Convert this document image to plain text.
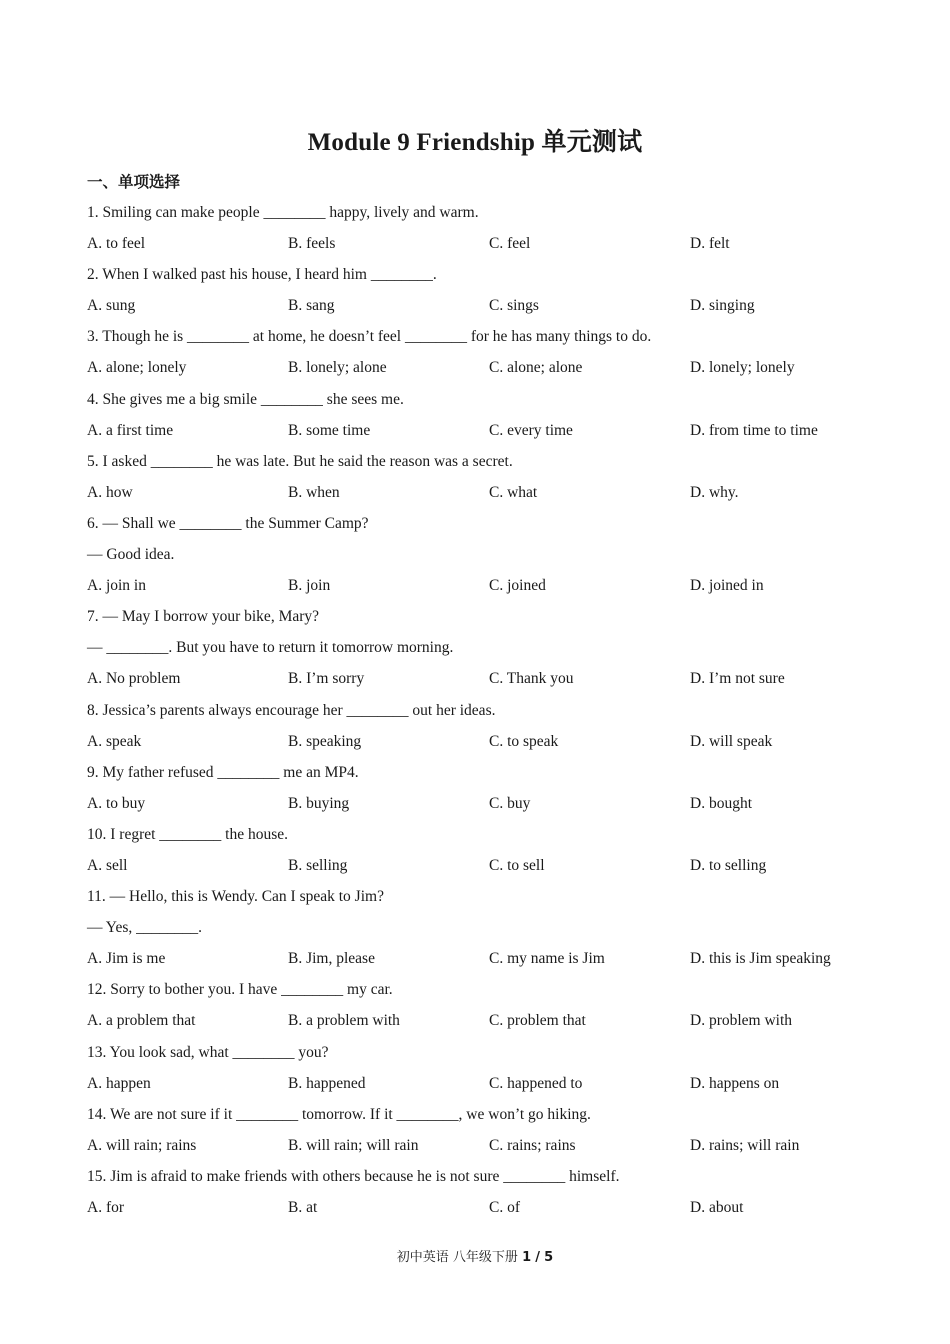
Module 9 Friendship 单元测试
一、单项选择
1. Smiling can make people ________ happy, lively and warm.
A. to feel	B. feels	C. feel	D. felt
2. When I walked past his house, I heard him ________.
A. sung	B. sang	C. sings	D. singing
3. Though he is ________ at home, he doesn’t feel ________ for he has many things to do.
A. alone; lonely	B. lonely; alone	C. alone; alone	D. lonely; lonely
4. She gives me a big smile ________ she sees me.
A. a first time	B. some time	C. every time	D. from time to time
5. I asked ________ he was late. But he said the reason was a secret.
A. how	B. when	C. what	D. why.
6. — Shall we ________ the Summer Camp?
— Good idea.
A. join in	B. join	C. joined	D. joined in
7. — May I borrow your bike, Mary?
— ________. But you have to return it tomorrow morning.
A. No problem	B. I’m sorry	C. Thank you	D. I’m not sure
8. Jessica’s parents always encourage her ________ out her ideas.
A. speak	B. speaking	C. to speak	D. will speak
9. My father refused ________ me an MP4.
A. to buy	B. buying	C. buy	D. bought
10. I regret ________ the house.
A. sell	B. selling	C. to sell	D. to selling
11. — Hello, this is Wendy. Can I speak to Jim?
— Yes, ________.
A. Jim is me	B. Jim, please	C. my name is Jim	D. this is Jim speaking
12. Sorry to bother you. I have ________ my car.
A. a problem that	B. a problem with	C. problem that	D. problem with
13. You look sad, what ________ you?
A. happen	B. happened	C. happened to	D. happens on
14. We are not sure if it ________ tomorrow. If it ________, we won’t go hiking.
A. will rain; rains	B. will rain; will rain	C. rains; rains	D. rains; will rain
15. Jim is afraid to make friends with others because he is not sure ________ himself.
A. for	B. at	C. of	D. about
初中英语 八年级下册 1 / 5
